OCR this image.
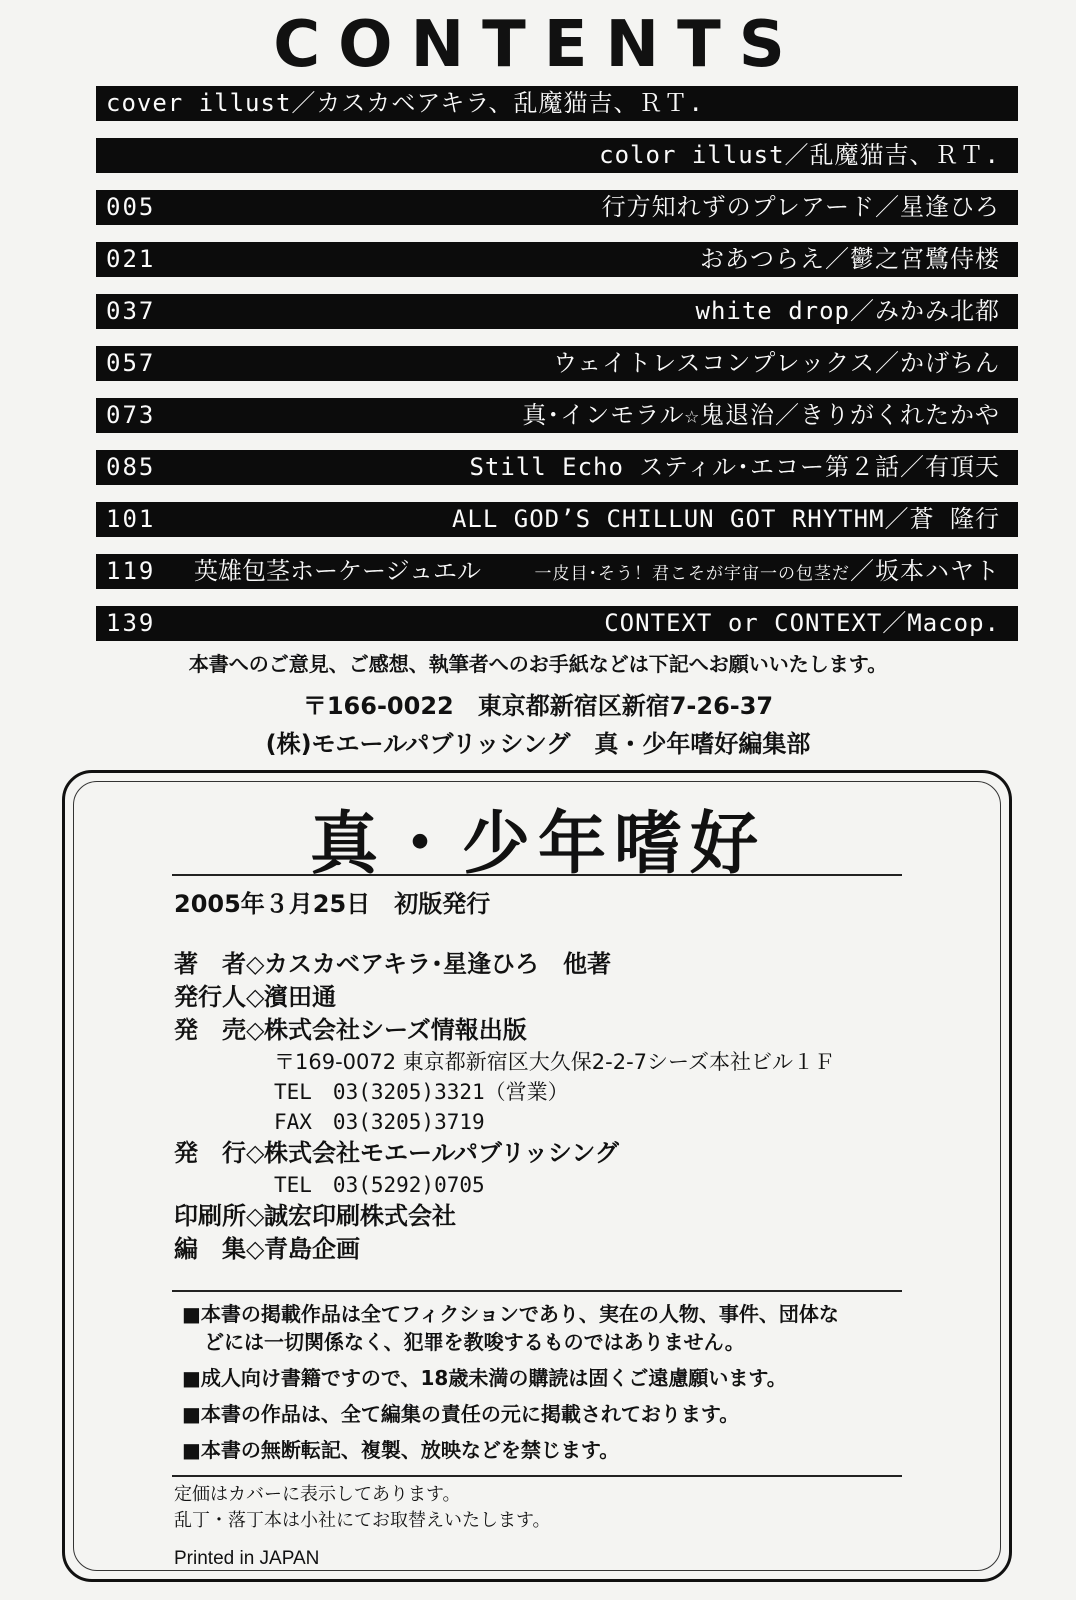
CONTENTS
cover illust／カスカベアキラ、乱魔猫吉、ＲＴ.
color illust／乱魔猫吉、ＲＴ.
005	行方知れずのプレアード／星逢ひろ
021	おあつらえ／鬱之宮鷺侍楼
037	white drop／みかみ北都
057	ウェイトレスコンプレックス／かげちん
073	真･インモラル☆鬼退治／きりがくれたかや
085	Still Echo スティル･エコー第２話／有頂天
101	ALL GOD’S CHILLUN GOT RHYTHM／蒼 隆行
119 英雄包茎ホーケージュエル	一皮目･そう！君こそが宇宙一の包茎だ／坂本ハヤト
139	CONTEXT or CONTEXT／Macop.
本書へのご意見、ご感想、執筆者へのお手紙などは下記へお願いいたします。
〒166-0022　東京都新宿区新宿7-26-37
(株)モエールパブリッシング　真・少年嗜好編集部
真・少年嗜好
2005年３月25日　初版発行
著　者◇カスカベアキラ･星逢ひろ　他著
発行人◇濱田通
発　売◇株式会社シーズ情報出版
〒169-0072 東京都新宿区大久保2-2-7シーズ本社ビル１Ｆ
TEL　03(3205)3321（営業）
FAX　03(3205)3719
発　行◇株式会社モエールパブリッシング
TEL　03(5292)0705
印刷所◇誠宏印刷株式会社
編　集◇青島企画
■本書の掲載作品は全てフィクションであり、実在の人物、事件、団体な
どには一切関係なく、犯罪を教唆するものではありません。
■成人向け書籍ですので、18歳未満の購読は固くご遠慮願います。
■本書の作品は、全て編集の責任の元に掲載されております。
■本書の無断転記、複製、放映などを禁じます。
定価はカバーに表示してあります。
乱丁・落丁本は小社にてお取替えいたします。
Printed in JAPAN
